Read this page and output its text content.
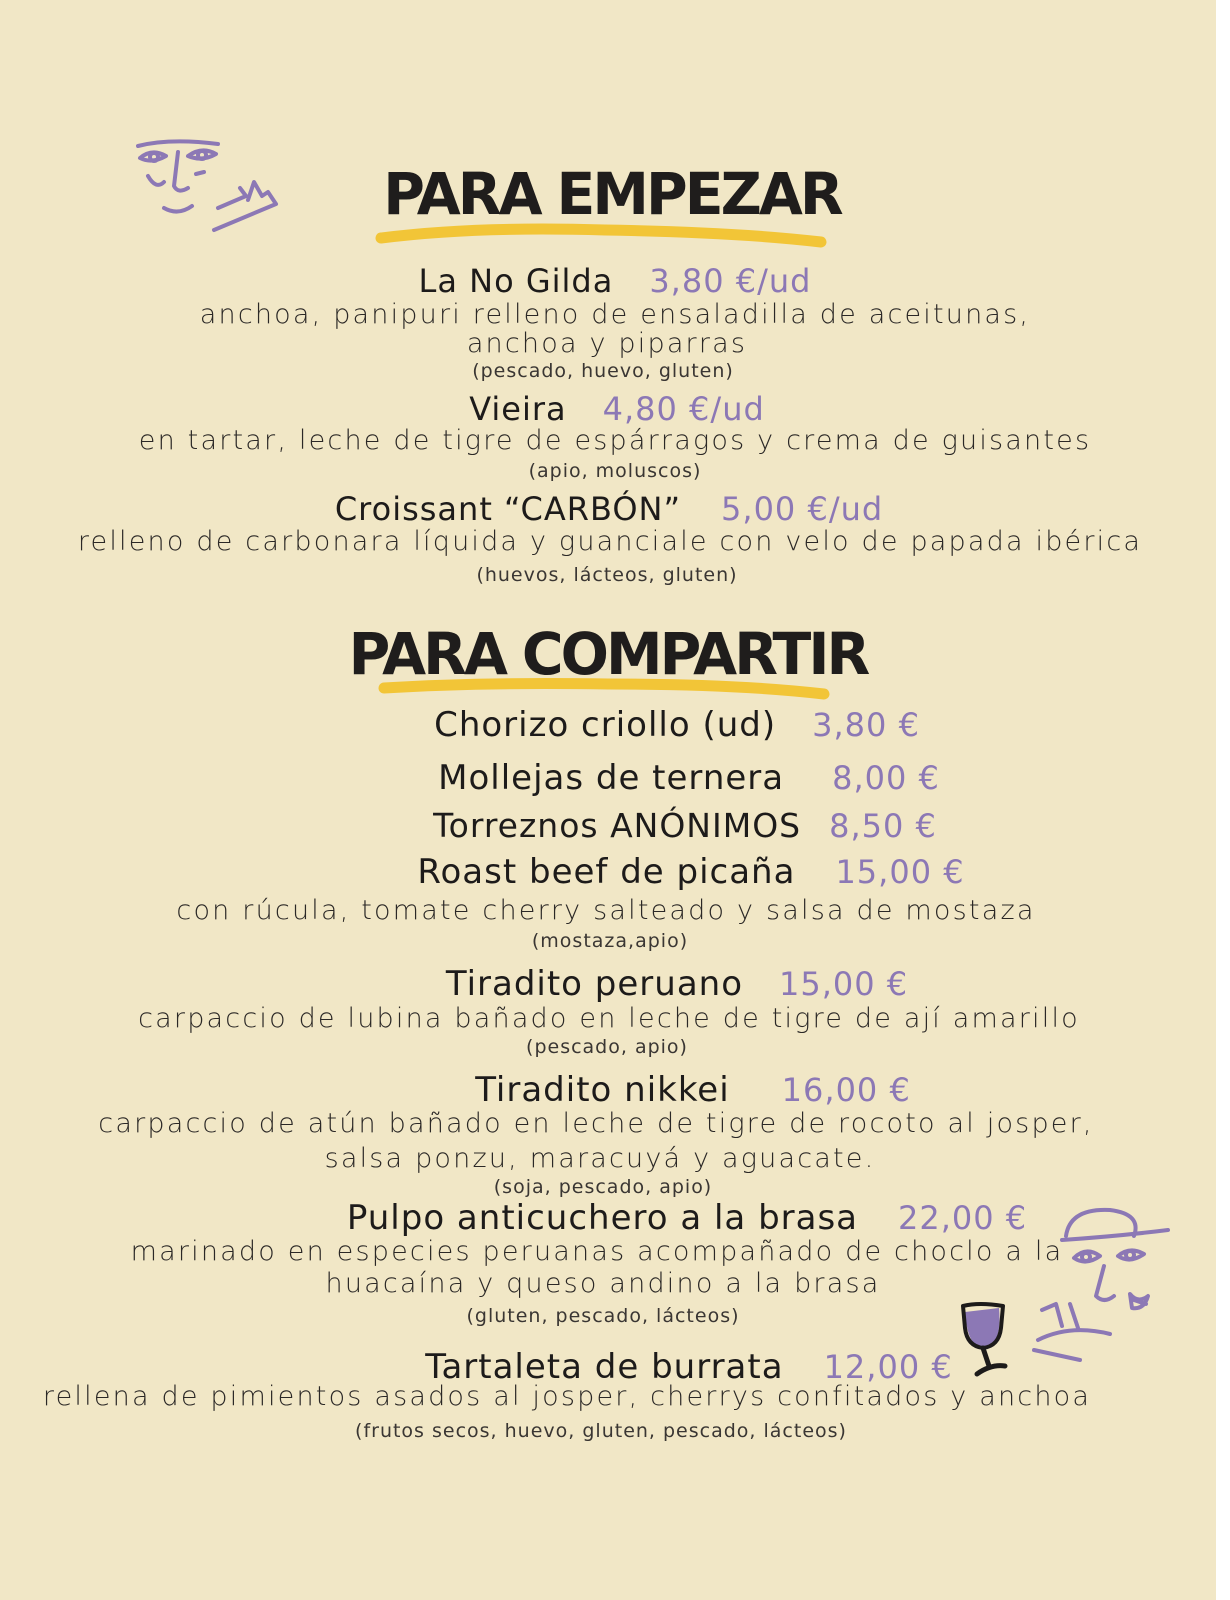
PARA EMPEZAR
La No Gilda 3,80 €/ud
anchoa, panipuri relleno de ensaladilla de aceitunas,
anchoa y piparras
(pescado, huevo, gluten)
Vieira 4,80 €/ud
en tartar, leche de tigre de espárragos y crema de guisantes
(apio, moluscos)
Croissant “CARBÓN” 5,00 €/ud
relleno de carbonara líquida y guanciale con velo de papada ibérica
(huevos, lácteos, gluten)
PARA COMPARTIR
Chorizo criollo (ud) 3,80 €
Mollejas de ternera 8,00 €
Torreznos ANÓNIMOS 8,50 €
Roast beef de picaña 15,00 €
con rúcula, tomate cherry salteado y salsa de mostaza
(mostaza,apio)
Tiradito peruano 15,00 €
carpaccio de lubina bañado en leche de tigre de ají amarillo
(pescado, apio)
Tiradito nikkei 16,00 €
carpaccio de atún bañado en leche de tigre de rocoto al josper,
salsa ponzu, maracuyá y aguacate.
(soja, pescado, apio)
Pulpo anticuchero a la brasa 22,00 €
marinado en especies peruanas acompañado de choclo a la
huacaína y queso andino a la brasa
(gluten, pescado, lácteos)
Tartaleta de burrata 12,00 €
rellena de pimientos asados al josper, cherrys confitados y anchoa
(frutos secos, huevo, gluten, pescado, lácteos)
